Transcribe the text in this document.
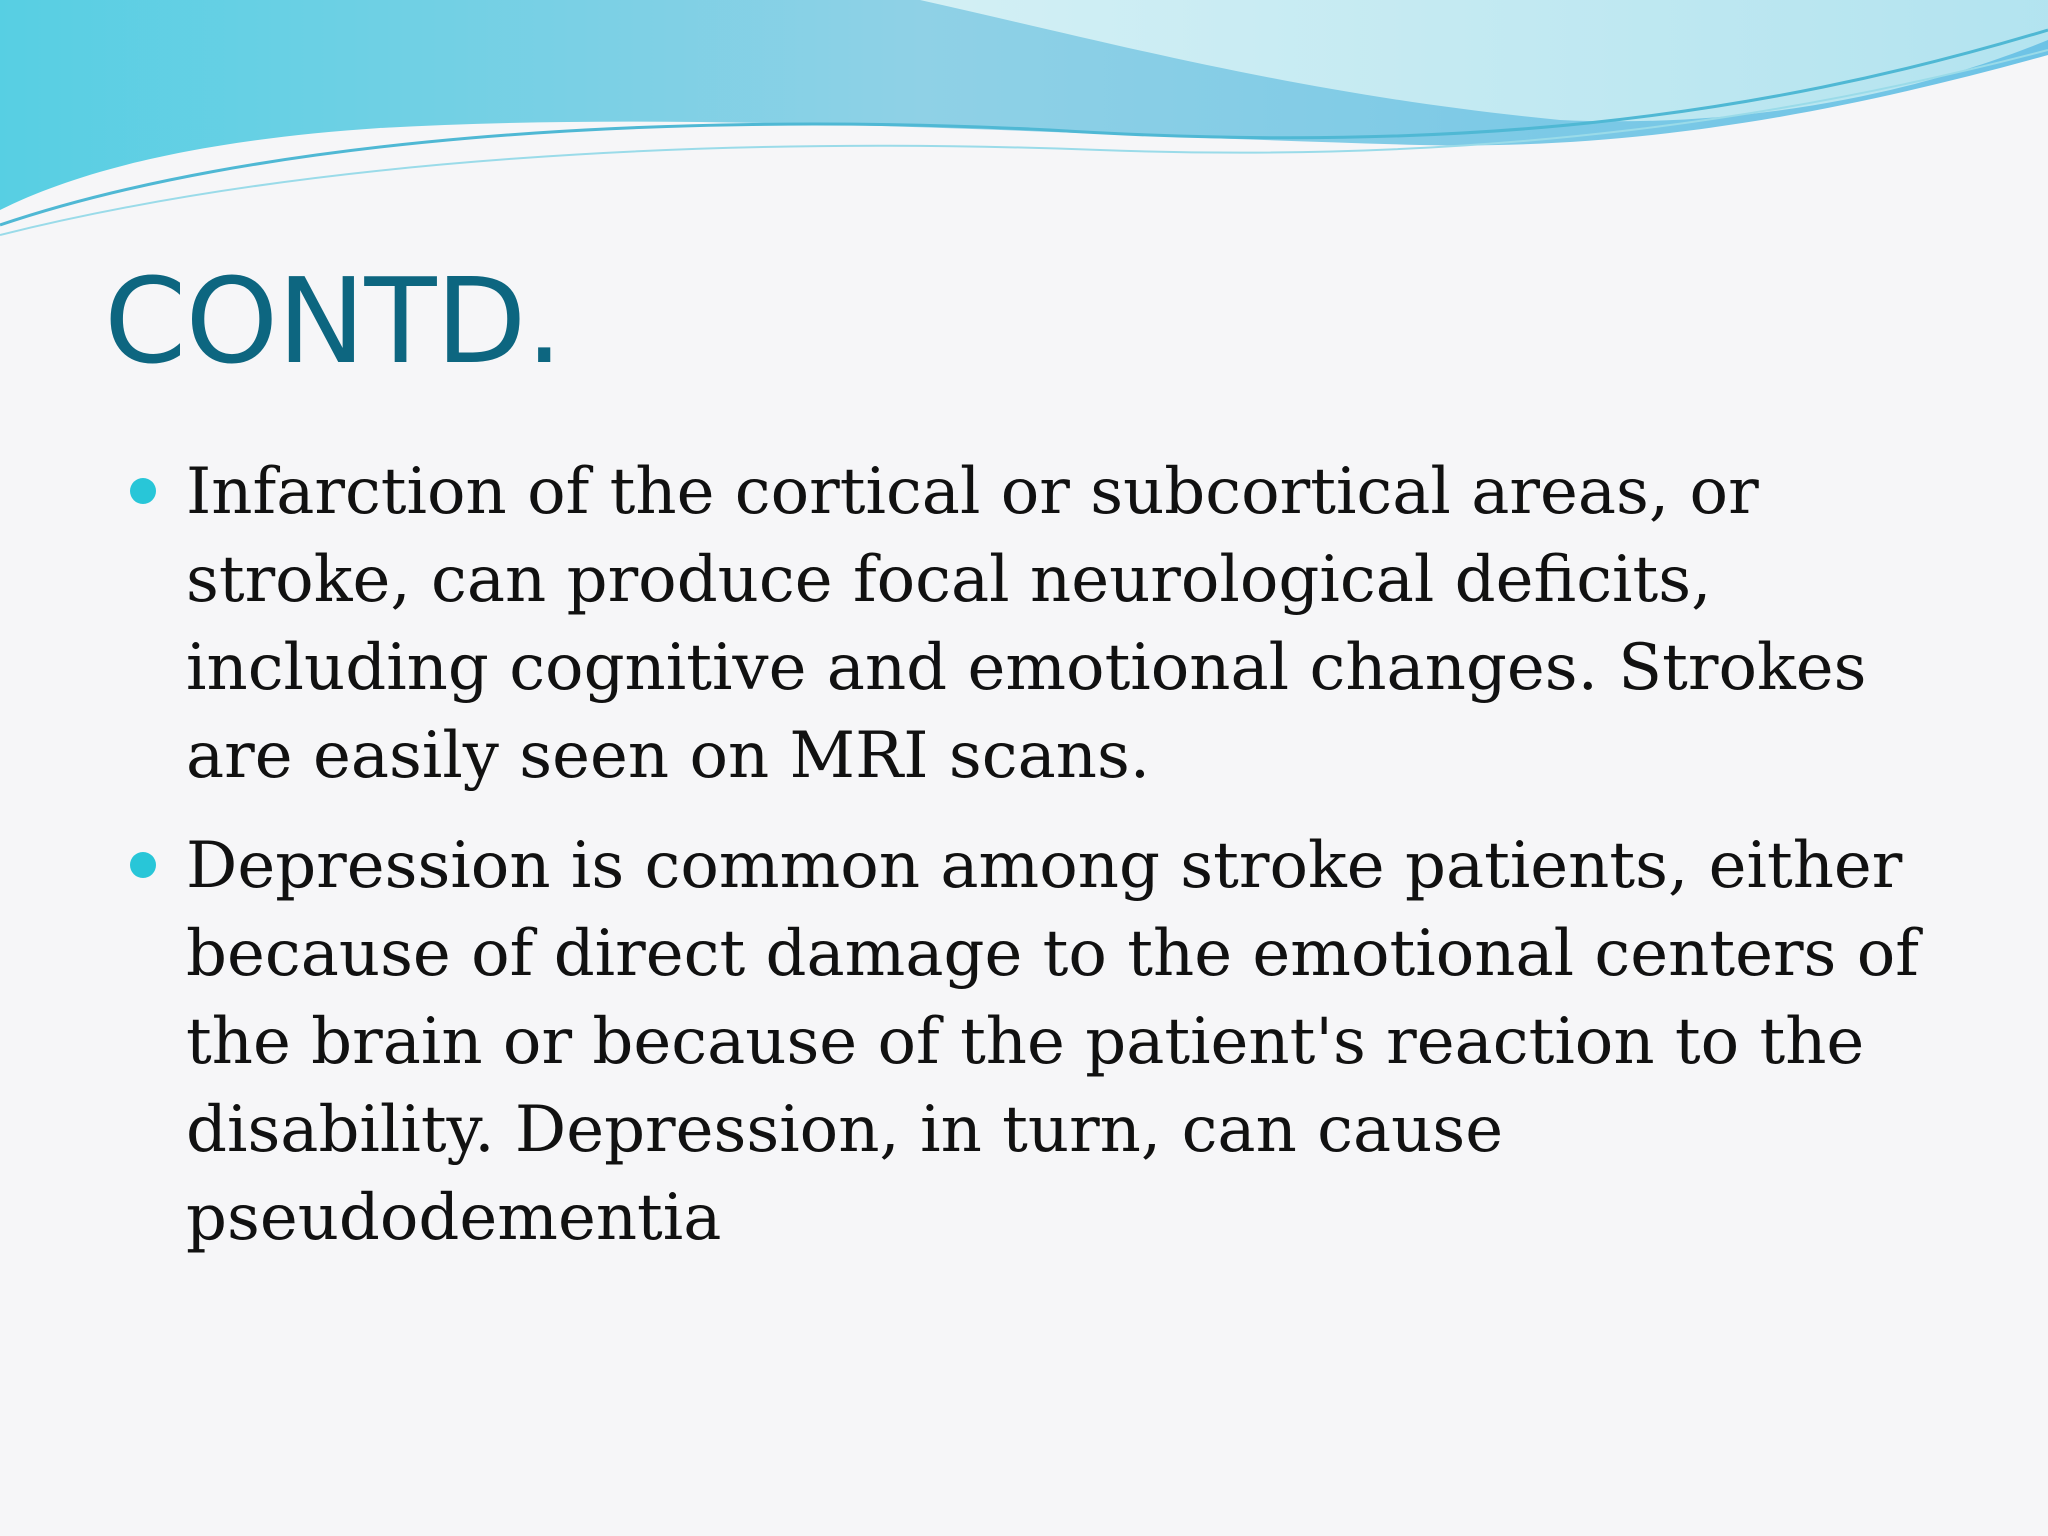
CONTD.
Infarction of the cortical or subcortical areas, or stroke, can produce focal neurological deficits, including cognitive and emotional changes. Strokes are easily seen on MRI scans.
Depression is common among stroke patients, either because of direct damage to the emotional centers of the brain or because of the patient's reaction to the disability. Depression, in turn, can cause pseudodementia
